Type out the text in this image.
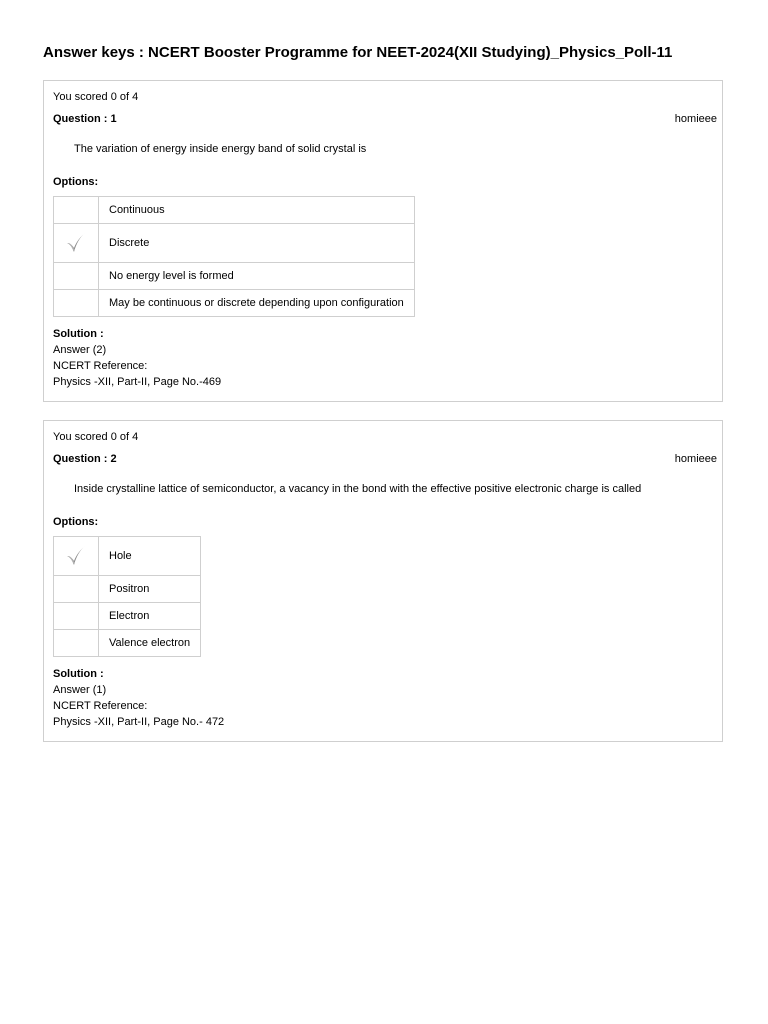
Answer keys : NCERT Booster Programme for NEET-2024(XII Studying)_Physics_Poll-11
You scored 0 of 4
Question : 1	homieee
The variation of energy inside energy band of solid crystal is
Options:
	Continuous
	Discrete
	No energy level is formed
	May be continuous or discrete depending upon configuration
Solution :
Answer (2)
NCERT Reference:
Physics -XII, Part-II, Page No.-469
You scored 0 of 4
Question : 2	homieee
Inside crystalline lattice of semiconductor, a vacancy in the bond with the effective positive electronic charge is called
Options:
	Hole
	Positron
	Electron
	Valence electron
Solution :
Answer (1)
NCERT Reference:
Physics -XII, Part-II, Page No.- 472
